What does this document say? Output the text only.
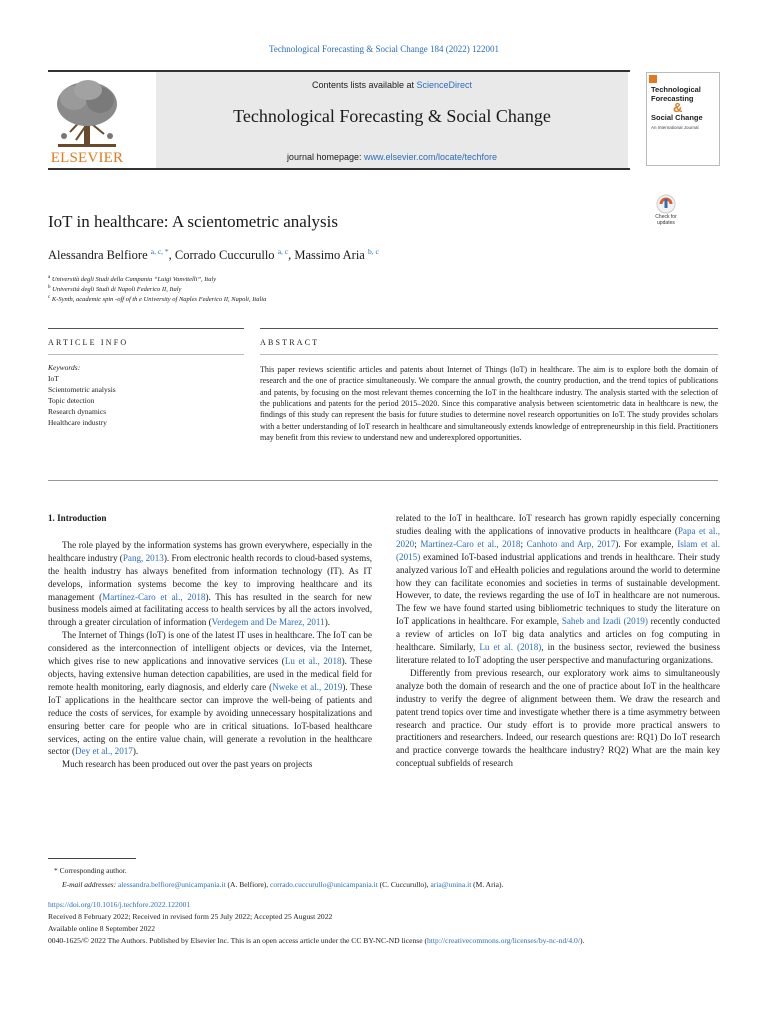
Technological Forecasting & Social Change 184 (2022) 122001
ELSEVIER
Contents lists available at ScienceDirect
Technological Forecasting & Social Change
journal homepage: www.elsevier.com/locate/techfore
Technological
Forecasting
&
Social Change
An International Journal
Check for
updates
IoT in healthcare: A scientometric analysis
Alessandra Belfiore $^{a, c, *}$, Corrado Cuccurullo $^{a, c}$, Massimo Aria $^{b, c}$
$^a$ Università degli Studi della Campania “Luigi Vanvitelli”, Italy
$^b$ Università degli Studi di Napoli Federico II, Italy
$^c$ K-Synth, academic spin -off of th e University of Naples Federico II, Napoli, Italia
ARTICLE INFO	ABSTRACT
Keywords:
IoT
Scientometric analysis
Topic detection
Research dynamics
Healthcare industry
This paper reviews scientific articles and patents about Internet of Things (IoT) in healthcare. The aim is to explore both the domain of research and the one of practice simultaneously. We compare the annual growth, the country production, and the trend topics of publications and patents, by focusing on the most relevant themes concerning the IoT in the healthcare industry. The analysis started with the selection of the publications and patents for the period 2015–2020. Since this comparative analysis between scientometric data in healthcare is new, the findings of this study can represent the basis for future studies to determine novel research opportunities on IoT. The study provides scholars with a better understanding of IoT research in healthcare and simultaneously extends knowledge of entrepreneurship in this field. Practitioners may benefit from this review to understand new and underexplored opportunities.
1. Introduction

The role played by the information systems has grown everywhere, especially in the healthcare industry (Pang, 2013). From electronic health records to cloud-based systems, the health industry has always benefited from information technology (IT). As IT develops, information systems become the key to improving healthcare and its management (Martínez-Caro et al., 2018). This has resulted in the search for new business models aimed at facilitating access to health services by all the actors involved, through a greater circulation of information (Verdegem and De Marez, 2011).

The Internet of Things (IoT) is one of the latest IT uses in healthcare. The IoT can be considered as the interconnection of intelligent objects or devices, via the Internet, which gives rise to new applications and innovative services (Lu et al., 2018). These objects, having extensive human detection capabilities, are used in the medical field for remote health monitoring, early diagnosis, and elderly care (Nweke et al., 2019). These IoT applications in the healthcare sector can improve the well-being of patients and reduce the costs of services, for example by avoiding unnecessary hospitalizations and ensuring better care for people who are in critical situations. IoT-based healthcare services, acting on the entire value chain, will generate a revolution in the healthcare sector (Dey et al., 2017).

Much research has been produced out over the past years on projects

related to the IoT in healthcare. IoT research has grown rapidly especially concerning studies dealing with the applications of innovative products in healthcare (Papa et al., 2020; Martínez-Caro et al., 2018; Canhoto and Arp, 2017). For example, Islam et al. (2015) examined IoT-based industrial applications and trends in healthcare. Their study analyzed various IoT and eHealth policies and regulations around the world to determine how they can facilitate economies and societies in terms of sustainable development. However, to date, the reviews regarding the use of IoT in healthcare are not numerous. The few we have found started using bibliometric techniques to study the literature on IoT applications in healthcare. For example, Saheb and Izadi (2019) recently conducted a review of articles on IoT big data analytics and articles on fog computing in healthcare. Similarly, Lu et al. (2018), in the business sector, reviewed the business literature related to IoT adopting the user perspective and manufacturing organizations.

Differently from previous research, our exploratory work aims to simultaneously analyze both the domain of research and the one of practice about IoT in the healthcare industry to verify the degree of alignment between them. We draw the research and patent trend topics over time and investigate whether there is a time asymmetry between research and practice. Our study effort is to provide more practical answers to practitioners and researchers. Indeed, our research questions are: RQ1) Do IoT research and practice converge towards the healthcare industry? RQ2) What are the main key conceptual subfields of research

* Corresponding author.
E-mail addresses: alessandra.belfiore@unicampania.it (A. Belfiore), corrado.cuccurullo@unicampania.it (C. Cuccurullo), aria@unina.it (M. Aria).
https://doi.org/10.1016/j.techfore.2022.122001
Received 8 February 2022; Received in revised form 25 July 2022; Accepted 25 August 2022
Available online 8 September 2022
0040-1625/© 2022 The Authors. Published by Elsevier Inc. This is an open access article under the CC BY-NC-ND license (http://creativecommons.org/licenses/by-nc-nd/4.0/).
